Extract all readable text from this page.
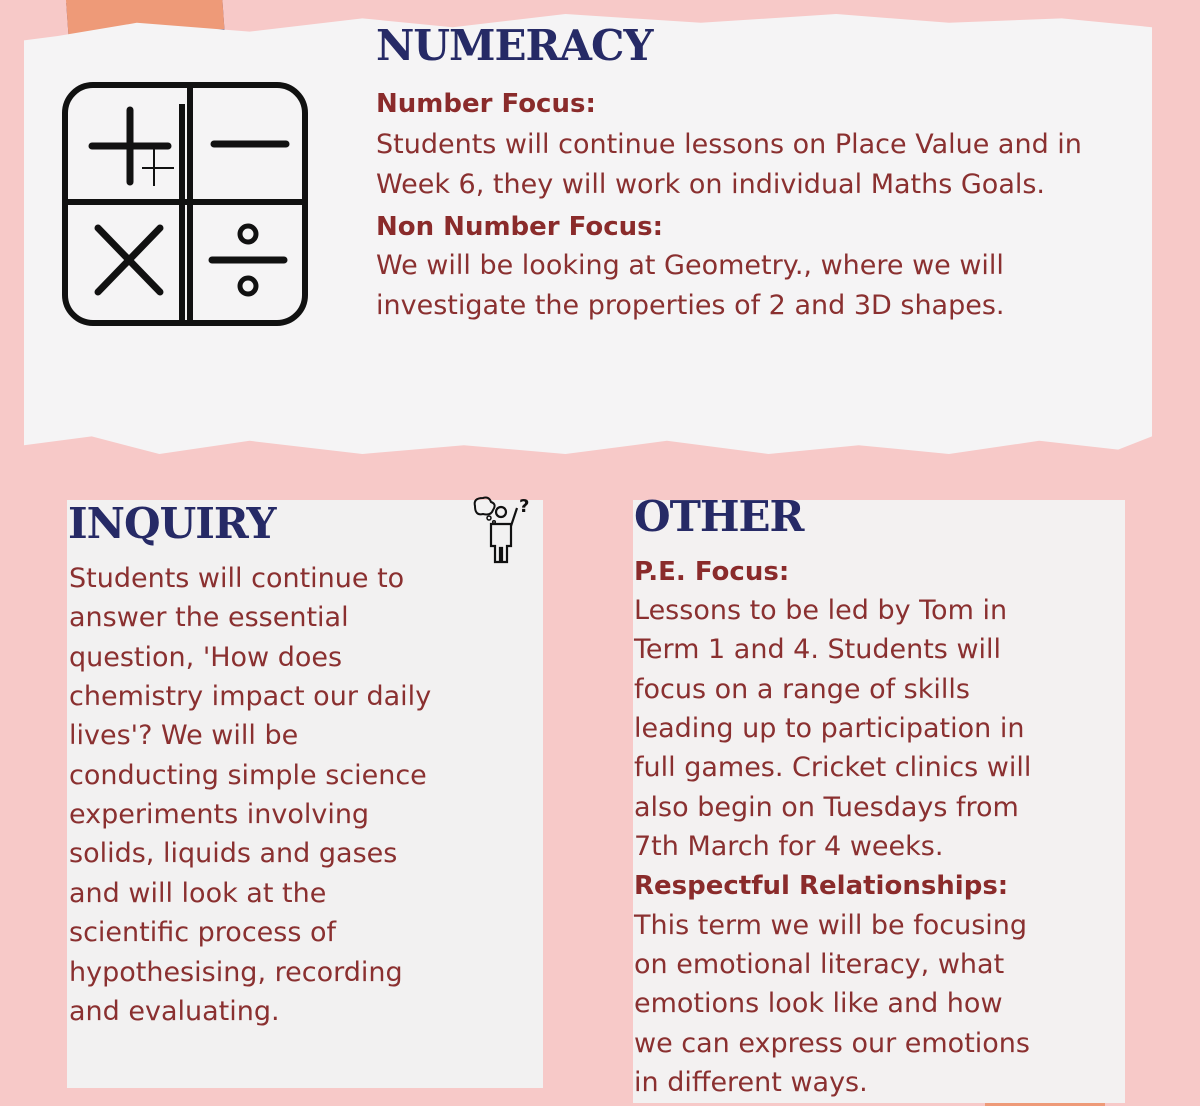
NUMERACY

Number Focus:

Students will continue lessons on Place Value and in

Week 6, they will work on individual Maths Goals.

Non Number Focus:

We will be looking at Geometry., where we will

investigate the properties of 2 and 3D shapes.

INQUIRY	?

Students will continue to

answer the essential

question, 'How does

chemistry impact our daily

lives'? We will be

conducting simple science

experiments involving

solids, liquids and gases

and will look at the

scientific process of

hypothesising, recording

and evaluating.

OTHER

P.E. Focus:

Lessons to be led by Tom in

Term 1 and 4. Students will

focus on a range of skills

leading up to participation in

full games. Cricket clinics will

also begin on Tuesdays from

7th March for 4 weeks.

Respectful Relationships:

This term we will be focusing

on emotional literacy, what

emotions look like and how

we can express our emotions

in different ways.
